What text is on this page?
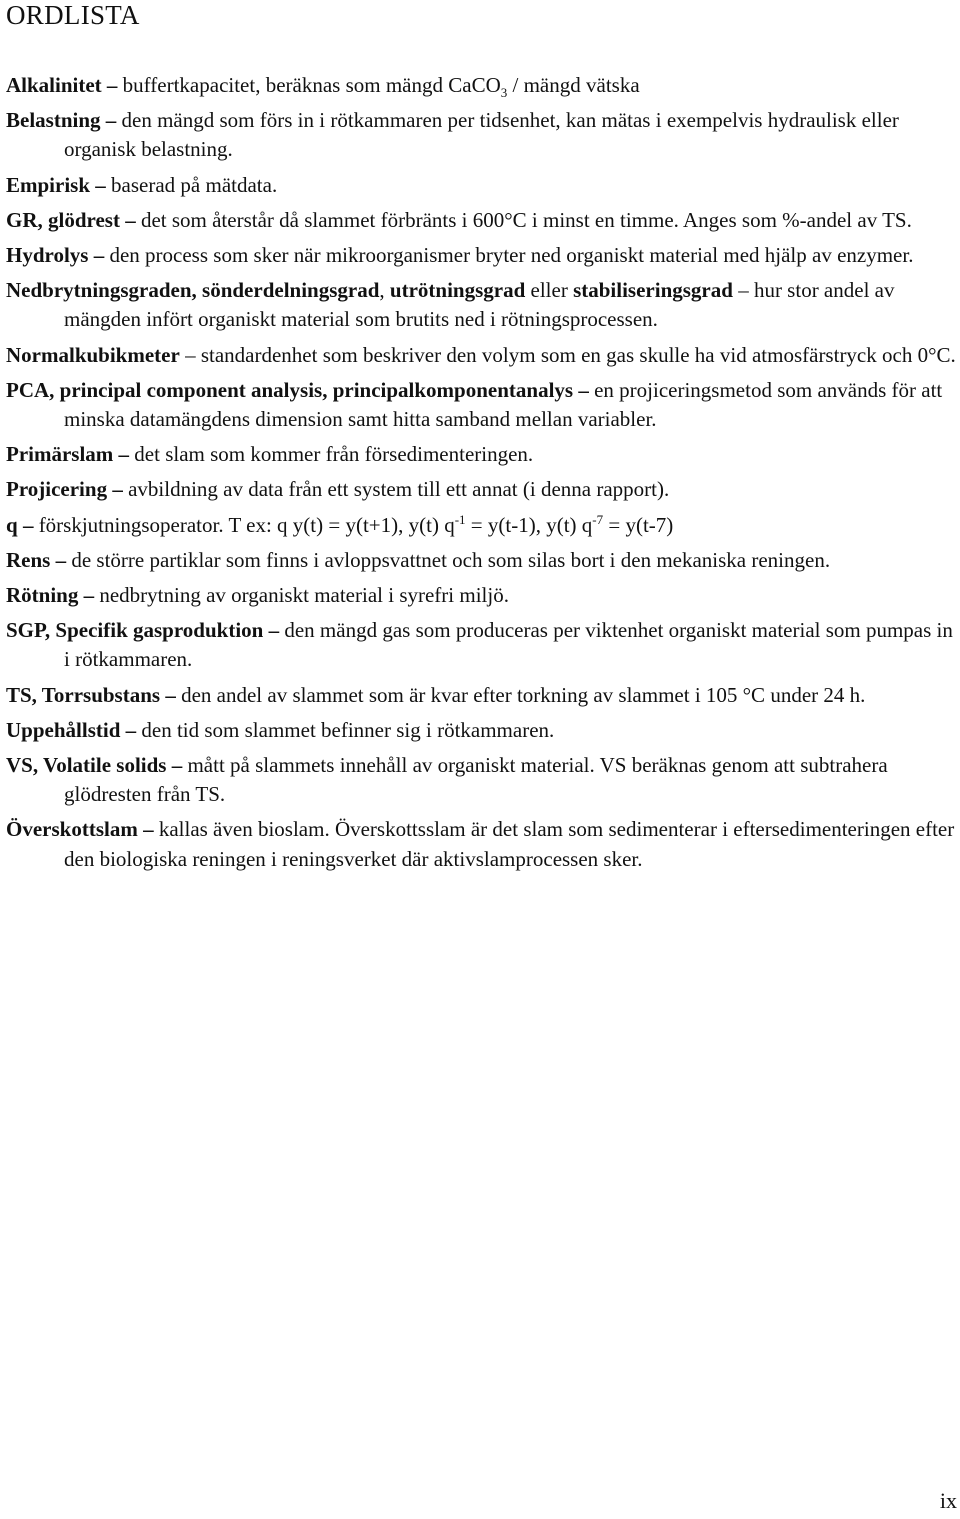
ORDLISTA

Alkalinitet – buffertkapacitet, beräknas som mängd CaCO$_3$ / mängd vätska

Belastning – den mängd som förs in i rötkammaren per tidsenhet, kan mätas i exempelvis hydraulisk eller organisk belastning.

Empirisk – baserad på mätdata.

GR, glödrest – det som återstår då slammet förbränts i 600°C i minst en timme. Anges som %-andel av TS.

Hydrolys – den process som sker när mikroorganismer bryter ned organiskt material med hjälp av enzymer.

Nedbrytningsgraden, sönderdelningsgrad, utrötningsgrad eller stabiliseringsgrad – hur stor andel av mängden infört organiskt material som brutits ned i rötningsprocessen.

Normalkubikmeter – standardenhet som beskriver den volym som en gas skulle ha vid atmosfärstryck och 0°C.

PCA, principal component analysis, principalkomponentanalys – en projiceringsmetod som används för att minska datamängdens dimension samt hitta samband mellan variabler.

Primärslam – det slam som kommer från försedimenteringen.

Projicering – avbildning av data från ett system till ett annat (i denna rapport).

q – förskjutningsoperator. T ex: q y(t) = y(t+1), y(t) $q^{-1} = y(t-1)$, y(t) $q^{-7} = y(t-7)$

Rens – de större partiklar som finns i avloppsvattnet och som silas bort i den mekaniska reningen.

Rötning – nedbrytning av organiskt material i syrefri miljö.

SGP, Specifik gasproduktion – den mängd gas som produceras per viktenhet organiskt material som pumpas in i rötkammaren.

TS, Torrsubstans – den andel av slammet som är kvar efter torkning av slammet i 105 °C under 24 h.

Uppehållstid – den tid som slammet befinner sig i rötkammaren.

VS, Volatile solids – mått på slammets innehåll av organiskt material. VS beräknas genom att subtrahera glödresten från TS.

Överskottslam – kallas även bioslam. Överskottsslam är det slam som sedimenterar i eftersedimenteringen efter den biologiska reningen i reningsverket där aktivslamprocessen sker.

ix
